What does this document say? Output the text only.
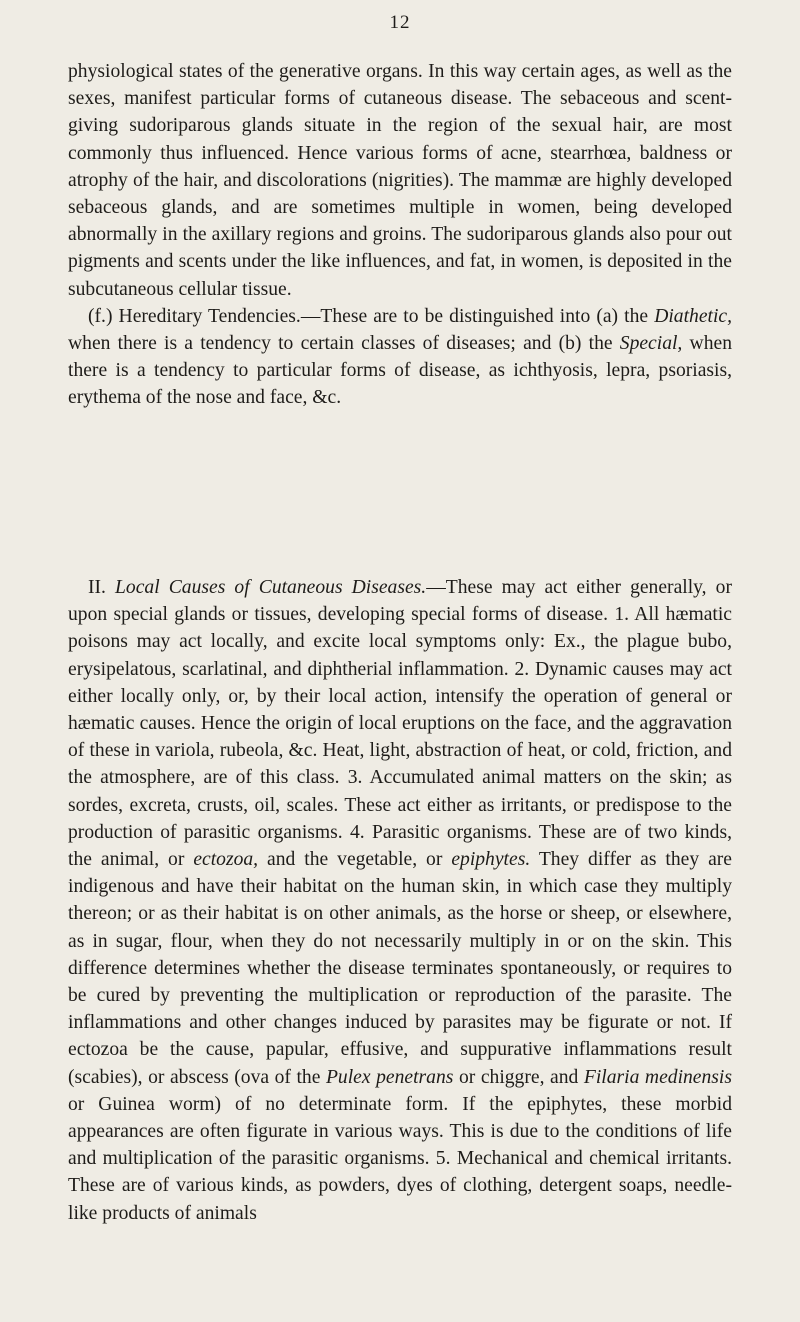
12

physiological states of the generative organs. In this way certain ages, as well as the sexes, manifest particular forms of cutaneous disease. The sebaceous and scent-giving sudoriparous glands situate in the region of the sexual hair, are most commonly thus influenced. Hence various forms of acne, stearrhœa, baldness or atrophy of the hair, and discolorations (nigrities). The mammæ are highly developed sebaceous glands, and are sometimes multiple in women, being developed abnormally in the axillary regions and groins. The sudoriparous glands also pour out pigments and scents under the like influences, and fat, in women, is deposited in the subcutaneous cellular tissue.

(f.) Hereditary Tendencies.—These are to be distinguished into (a) the Diathetic, when there is a tendency to certain classes of diseases; and (b) the Special, when there is a tendency to particular forms of disease, as ichthyosis, lepra, psoriasis, erythema of the nose and face, &c.

II. Local Causes of Cutaneous Diseases.—These may act either generally, or upon special glands or tissues, developing special forms of disease. 1. All hæmatic poisons may act locally, and excite local symptoms only: Ex., the plague bubo, erysipelatous, scarlatinal, and diphtherial inflammation. 2. Dynamic causes may act either locally only, or, by their local action, intensify the operation of general or hæmatic causes. Hence the origin of local eruptions on the face, and the aggravation of these in variola, rubeola, &c. Heat, light, abstraction of heat, or cold, friction, and the atmosphere, are of this class. 3. Accumulated animal matters on the skin; as sordes, excreta, crusts, oil, scales. These act either as irritants, or predispose to the production of parasitic organisms. 4. Parasitic organisms. These are of two kinds, the animal, or ectozoa, and the vegetable, or epiphytes. They differ as they are indigenous and have their habitat on the human skin, in which case they multiply thereon; or as their habitat is on other animals, as the horse or sheep, or elsewhere, as in sugar, flour, when they do not necessarily multiply in or on the skin. This difference determines whether the disease terminates spontaneously, or requires to be cured by preventing the multiplication or reproduction of the parasite. The inflammations and other changes induced by parasites may be figurate or not. If ectozoa be the cause, papular, effusive, and suppurative inflammations result (scabies), or abscess (ova of the Pulex penetrans or chiggre, and Filaria medinensis or Guinea worm) of no determinate form. If the epiphytes, these morbid appearances are often figurate in various ways. This is due to the conditions of life and multiplication of the parasitic organisms. 5. Mechanical and chemical irritants. These are of various kinds, as powders, dyes of clothing, detergent soaps, needle-like products of animals
